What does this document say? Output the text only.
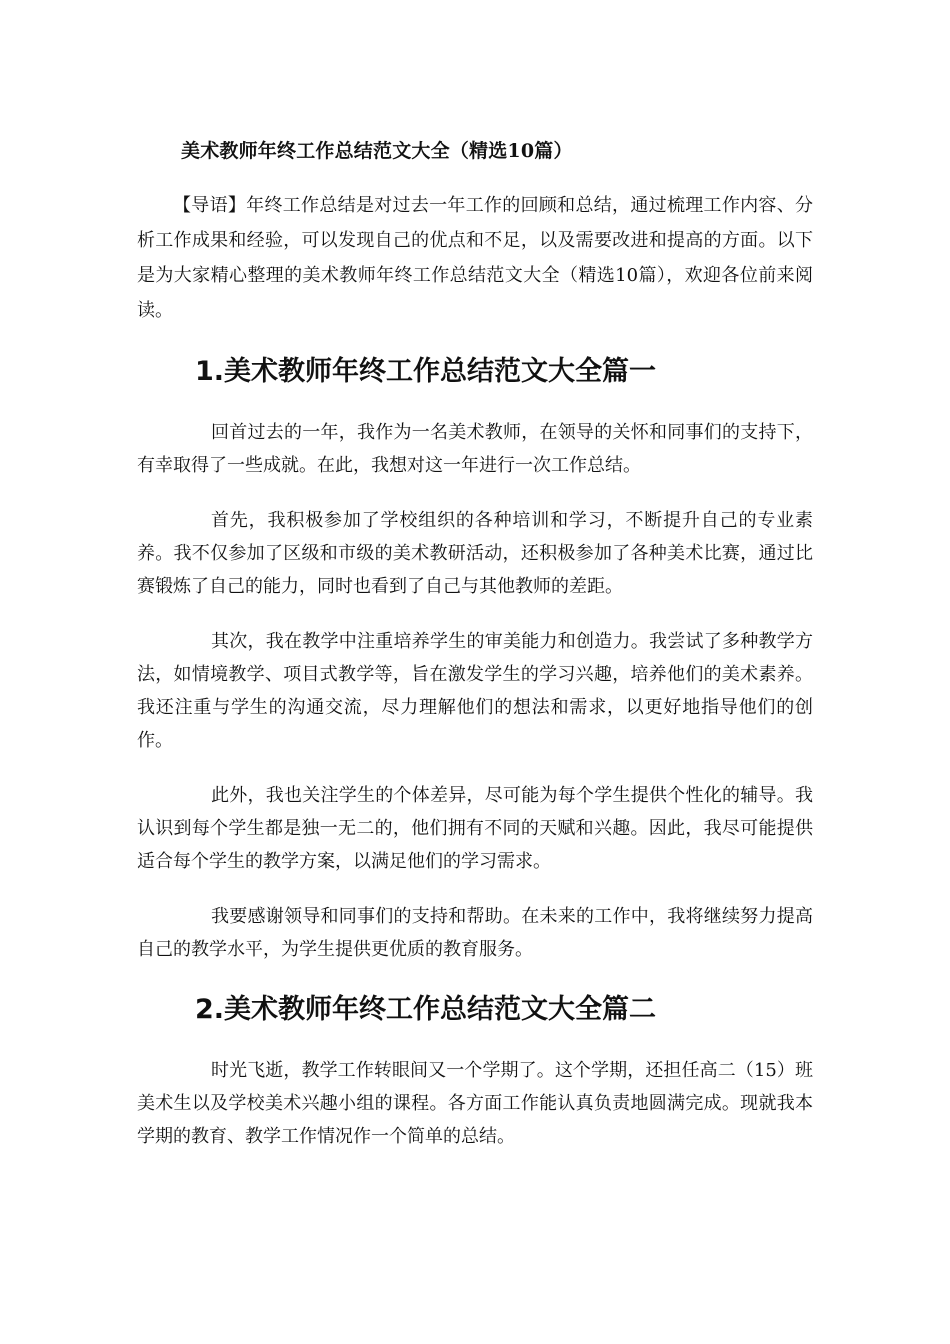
美术教师年终工作总结范文大全（精选10篇）

【导语】年终工作总结是对过去一年工作的回顾和总结，通过梳理工作内容、分析工作成果和经验，可以发现自己的优点和不足，以及需要改进和提高的方面。以下是为大家精心整理的美术教师年终工作总结范文大全（精选10篇），欢迎各位前来阅读。

1.美术教师年终工作总结范文大全篇一

回首过去的一年，我作为一名美术教师，在领导的关怀和同事们的支持下，有幸取得了一些成就。在此，我想对这一年进行一次工作总结。

首先，我积极参加了学校组织的各种培训和学习，不断提升自己的专业素养。我不仅参加了区级和市级的美术教研活动，还积极参加了各种美术比赛，通过比赛锻炼了自己的能力，同时也看到了自己与其他教师的差距。

其次，我在教学中注重培养学生的审美能力和创造力。我尝试了多种教学方法，如情境教学、项目式教学等，旨在激发学生的学习兴趣，培养他们的美术素养。我还注重与学生的沟通交流，尽力理解他们的想法和需求，以更好地指导他们的创作。

此外，我也关注学生的个体差异，尽可能为每个学生提供个性化的辅导。我认识到每个学生都是独一无二的，他们拥有不同的天赋和兴趣。因此，我尽可能提供适合每个学生的教学方案，以满足他们的学习需求。

我要感谢领导和同事们的支持和帮助。在未来的工作中，我将继续努力提高自己的教学水平，为学生提供更优质的教育服务。

2.美术教师年终工作总结范文大全篇二

时光飞逝，教学工作转眼间又一个学期了。这个学期，还担任高二（15）班美术生以及学校美术兴趣小组的课程。各方面工作能认真负责地圆满完成。现就我本学期的教育、教学工作情况作一个简单的总结。
